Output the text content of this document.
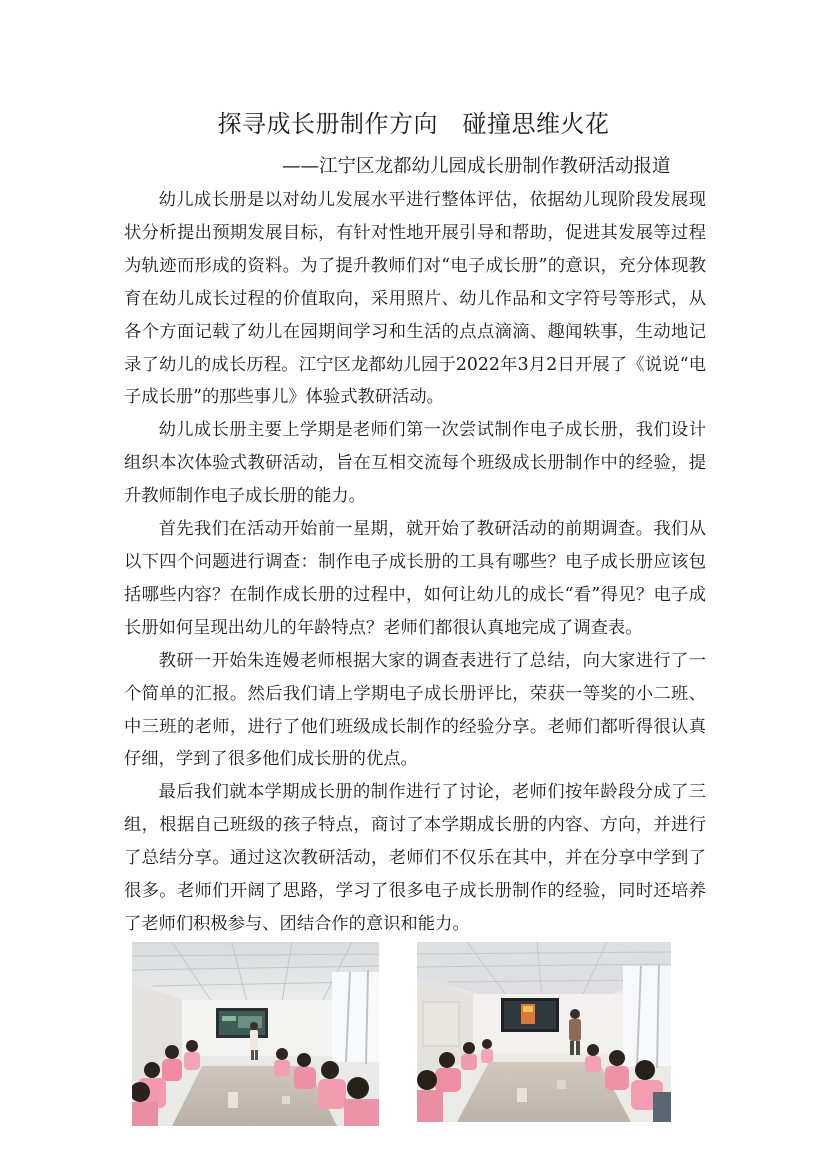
探寻成长册制作方向　碰撞思维火花
——江宁区龙都幼儿园成长册制作教研活动报道

幼儿成长册是以对幼儿发展水平进行整体评估，依据幼儿现阶段发展现状分析提出预期发展目标，有针对性地开展引导和帮助，促进其发展等过程为轨迹而形成的资料。为了提升教师们对“电子成长册”的意识，充分体现教育在幼儿成长过程的价值取向，采用照片、幼儿作品和文字符号等形式，从各个方面记载了幼儿在园期间学习和生活的点点滴滴、趣闻轶事，生动地记录了幼儿的成长历程。江宁区龙都幼儿园于2022年3月2日开展了《说说“电子成长册”的那些事儿》体验式教研活动。

幼儿成长册主要上学期是老师们第一次尝试制作电子成长册，我们设计组织本次体验式教研活动，旨在互相交流每个班级成长册制作中的经验，提升教师制作电子成长册的能力。

首先我们在活动开始前一星期，就开始了教研活动的前期调查。我们从以下四个问题进行调查：制作电子成长册的工具有哪些？电子成长册应该包括哪些内容？在制作成长册的过程中，如何让幼儿的成长“看”得见？电子成长册如何呈现出幼儿的年龄特点？老师们都很认真地完成了调查表。

教研一开始朱连嫚老师根据大家的调查表进行了总结，向大家进行了一个简单的汇报。然后我们请上学期电子成长册评比，荣获一等奖的小二班、中三班的老师，进行了他们班级成长制作的经验分享。老师们都听得很认真仔细，学到了很多他们成长册的优点。

最后我们就本学期成长册的制作进行了讨论，老师们按年龄段分成了三组，根据自己班级的孩子特点，商讨了本学期成长册的内容、方向，并进行了总结分享。通过这次教研活动，老师们不仅乐在其中，并在分享中学到了很多。老师们开阔了思路，学习了很多电子成长册制作的经验，同时还培养了老师们积极参与、团结合作的意识和能力。
